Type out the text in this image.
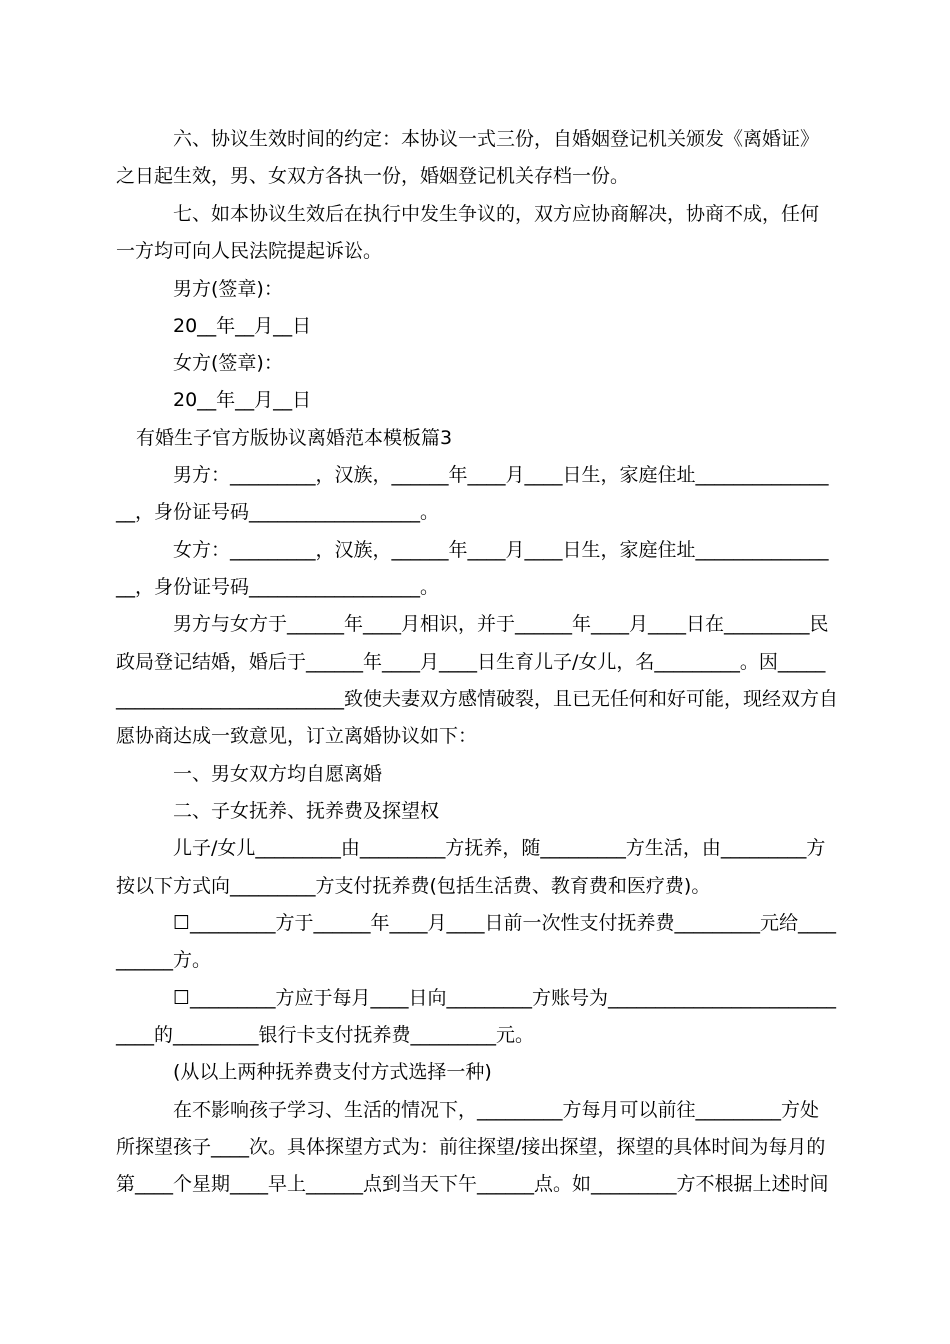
六、协议生效时间的约定：本协议一式三份，自婚姻登记机关颁发《离婚证》

之日起生效，男、女双方各执一份，婚姻登记机关存档一份。

七、如本协议生效后在执行中发生争议的，双方应协商解决，协商不成，任何

一方均可向人民法院提起诉讼。

男方(签章)：

20__年__月__日

女方(签章)：

20__年__月__日

有婚生子官方版协议离婚范本模板篇3

男方：_________，汉族，______年____月____日生，家庭住址______________

__，身份证号码__________________。

女方：_________，汉族，______年____月____日生，家庭住址______________

__，身份证号码__________________。

男方与女方于______年____月相识，并于______年____月____日在_________民

政局登记结婚，婚后于______年____月____日生育儿子/女儿，名_________。因_____

________________________致使夫妻双方感情破裂，且已无任何和好可能，现经双方自

愿协商达成一致意见，订立离婚协议如下：

一、男女双方均自愿离婚

二、子女抚养、抚养费及探望权

儿子/女儿_________由_________方抚养，随_________方生活，由_________方

按以下方式向_________方支付抚养费(包括生活费、教育费和医疗费)。

☐_________方于______年____月____日前一次性支付抚养费_________元给____

______方。

☐_________方应于每月____日向_________方账号为________________________

____的_________银行卡支付抚养费_________元。

(从以上两种抚养费支付方式选择一种)

在不影响孩子学习、生活的情况下，_________方每月可以前往_________方处

所探望孩子____次。具体探望方式为：前往探望/接出探望，探望的具体时间为每月的

第____个星期____早上______点到当天下午______点。如_________方不根据上述时间
